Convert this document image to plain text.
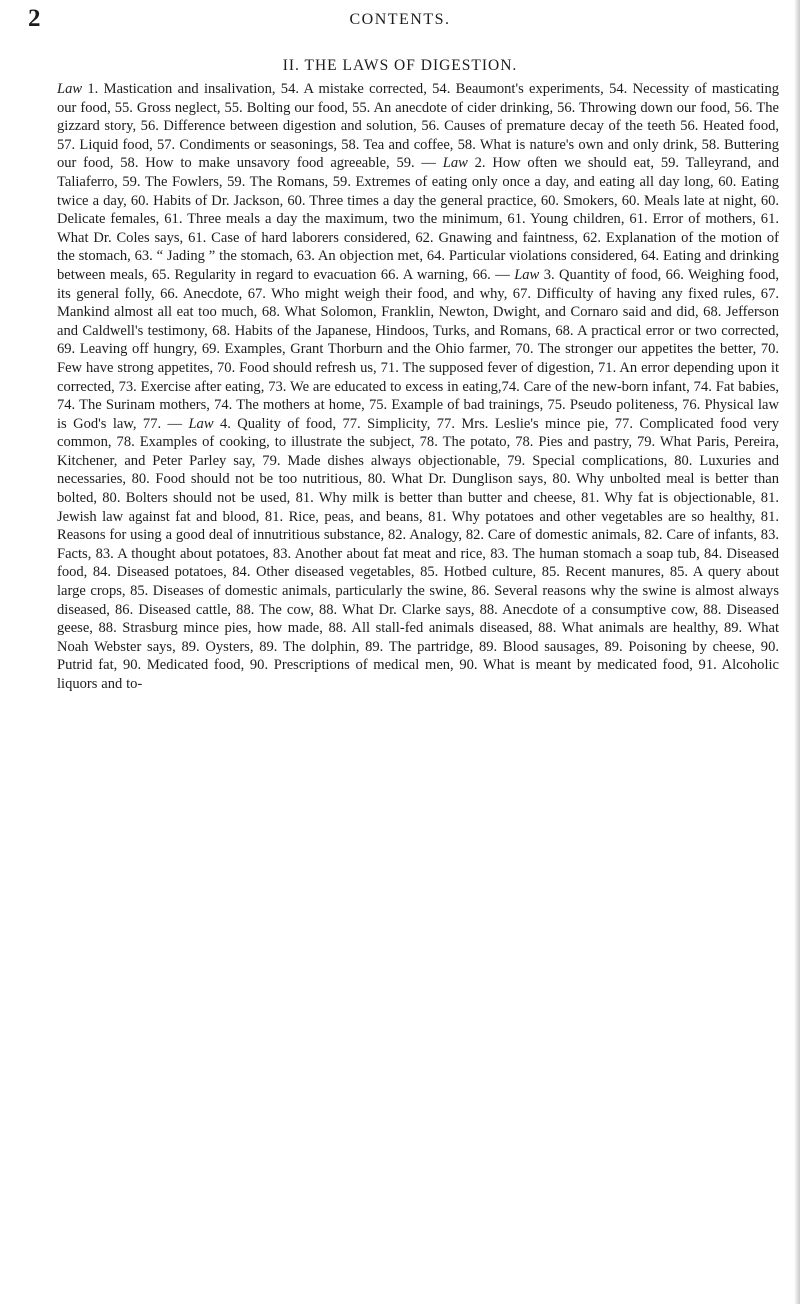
2	CONTENTS.

II. THE LAWS OF DIGESTION.

Law 1. Mastication and insalivation, 54. A mistake corrected, 54. Beaumont's experiments, 54. Necessity of masticating our food, 55. Gross neglect, 55. Bolting our food, 55. An anecdote of cider drinking, 56. Throwing down our food, 56. The gizzard story, 56. Difference between digestion and solution, 56. Causes of premature decay of the teeth 56. Heated food, 57. Liquid food, 57. Condiments or seasonings, 58. Tea and coffee, 58. What is nature's own and only drink, 58. Buttering our food, 58. How to make unsavory food agreeable, 59. — Law 2. How often we should eat, 59. Talleyrand, and Taliaferro, 59. The Fowlers, 59. The Romans, 59. Extremes of eating only once a day, and eating all day long, 60. Eating twice a day, 60. Habits of Dr. Jackson, 60. Three times a day the general practice, 60. Smokers, 60. Meals late at night, 60. Delicate females, 61. Three meals a day the maximum, two the minimum, 61. Young children, 61. Error of mothers, 61. What Dr. Coles says, 61. Case of hard laborers considered, 62. Gnawing and faintness, 62. Explanation of the motion of the stomach, 63. “ Jading ” the stomach, 63. An objection met, 64. Particular violations considered, 64. Eating and drinking between meals, 65. Regularity in regard to evacuation 66. A warning, 66. — Law 3. Quantity of food, 66. Weighing food, its general folly, 66. Anecdote, 67. Who might weigh their food, and why, 67. Difficulty of having any fixed rules, 67. Mankind almost all eat too much, 68. What Solomon, Franklin, Newton, Dwight, and Cornaro said and did, 68. Jefferson and Caldwell's testimony, 68. Habits of the Japanese, Hindoos, Turks, and Romans, 68. A practical error or two corrected, 69. Leaving off hungry, 69. Examples, Grant Thorburn and the Ohio farmer, 70. The stronger our appetites the better, 70. Few have strong appetites, 70. Food should refresh us, 71. The supposed fever of digestion, 71. An error depending upon it corrected, 73. Exercise after eating, 73. We are educated to excess in eating,74. Care of the new-born infant, 74. Fat babies, 74. The Surinam mothers, 74. The mothers at home, 75. Example of bad trainings, 75. Pseudo politeness, 76. Physical law is God's law, 77. — Law 4. Quality of food, 77. Simplicity, 77. Mrs. Leslie's mince pie, 77. Complicated food very common, 78. Examples of cooking, to illustrate the subject, 78. The potato, 78. Pies and pastry, 79. What Paris, Pereira, Kitchener, and Peter Parley say, 79. Made dishes always objectionable, 79. Special complications, 80. Luxuries and necessaries, 80. Food should not be too nutritious, 80. What Dr. Dunglison says, 80. Why unbolted meal is better than bolted, 80. Bolters should not be used, 81. Why milk is better than butter and cheese, 81. Why fat is objectionable, 81. Jewish law against fat and blood, 81. Rice, peas, and beans, 81. Why potatoes and other vegetables are so healthy, 81. Reasons for using a good deal of innutritious substance, 82. Analogy, 82. Care of domestic animals, 82. Care of infants, 83. Facts, 83. A thought about potatoes, 83. Another about fat meat and rice, 83. The human stomach a soap tub, 84. Diseased food, 84. Diseased potatoes, 84. Other diseased vegetables, 85. Hotbed culture, 85. Recent manures, 85. A query about large crops, 85. Diseases of domestic animals, particularly the swine, 86. Several reasons why the swine is almost always diseased, 86. Diseased cattle, 88. The cow, 88. What Dr. Clarke says, 88. Anecdote of a consumptive cow, 88. Diseased geese, 88. Strasburg mince pies, how made, 88. All stall-fed animals diseased, 88. What animals are healthy, 89. What Noah Webster says, 89. Oysters, 89. The dolphin, 89. The partridge, 89. Blood sausages, 89. Poisoning by cheese, 90. Putrid fat, 90. Medicated food, 90. Prescriptions of medical men, 90. What is meant by medicated food, 91. Alcoholic liquors and to-
